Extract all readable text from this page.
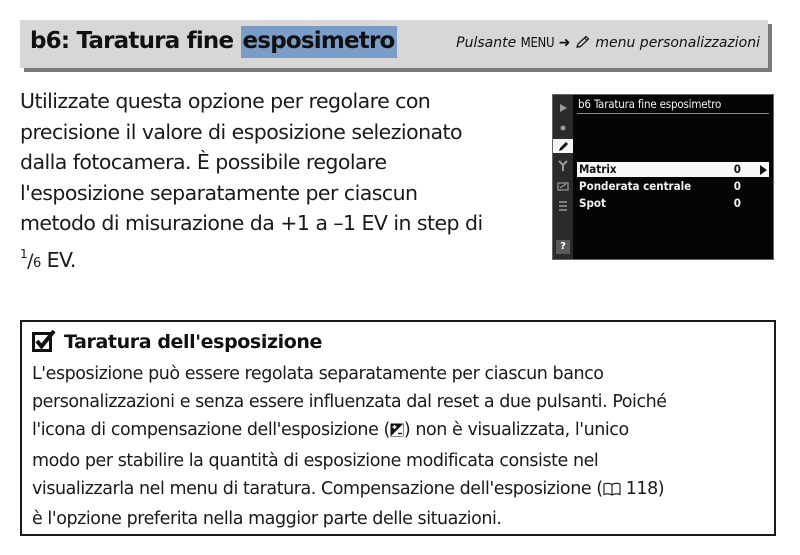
b6: Taratura fine esposimetro	Pulsante MENU ➜ menu personalizzazioni
Utilizzate questa opzione per regolare con
precisione il valore di esposizione selezionato
dalla fotocamera. È possibile regolare
l'esposizione separatamente per ciascun
metodo di misurazione da +1 a –1 EV in step di
$^1$/6 EV.
?
b6 Taratura fine esposimetro
Matrix	0
Ponderata centrale	0
Spot	0
Taratura dell'esposizione
L'esposizione può essere regolata separatamente per ciascun banco
personalizzazioni e senza essere influenzata dal reset a due pulsanti. Poiché
l'icona di compensazione dell'esposizione ( ) non è visualizzata, l'unico
modo per stabilire la quantità di esposizione modificata consiste nel
visualizzarla nel menu di taratura. Compensazione dell'esposizione ( 118)
è l'opzione preferita nella maggior parte delle situazioni.
